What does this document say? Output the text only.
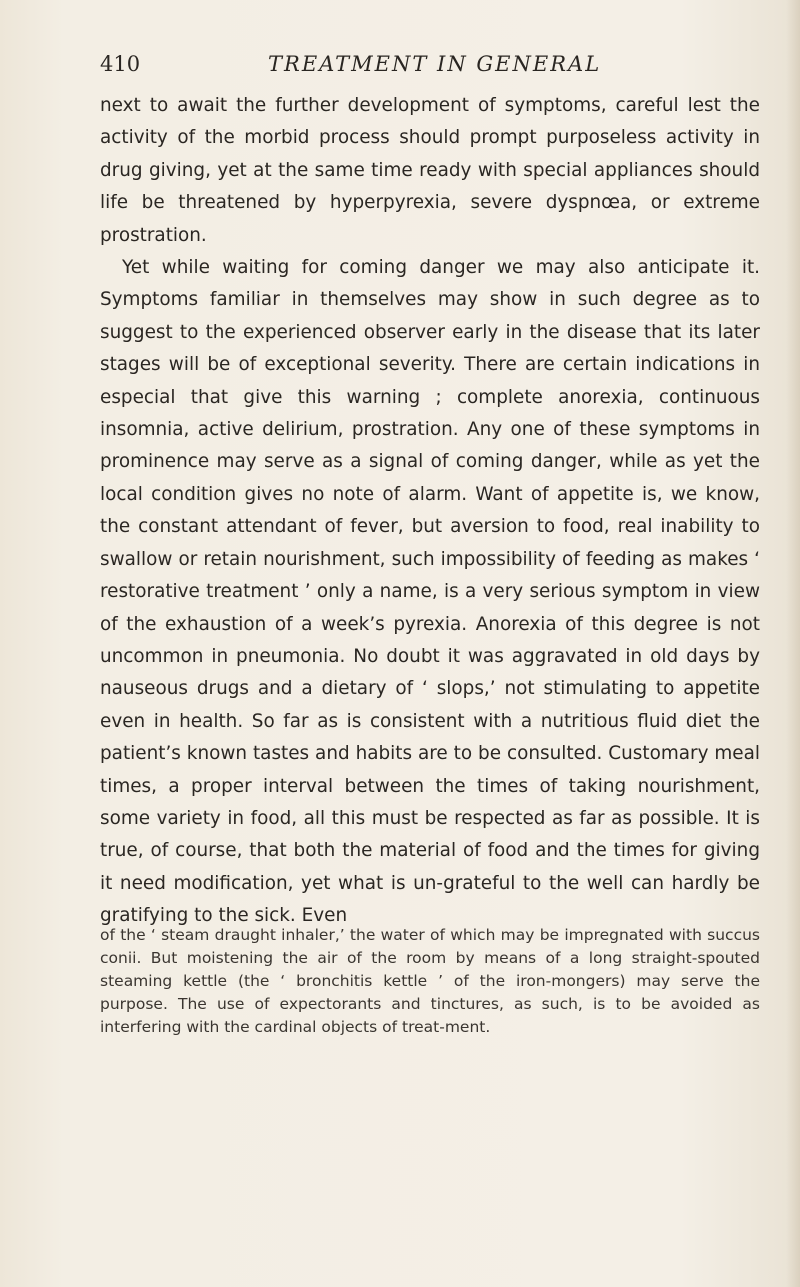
410	TREATMENT IN GENERAL

next to await the further development of symptoms, careful lest the activity of the morbid process should prompt purposeless activity in drug giving, yet at the same time ready with special appliances should life be threatened by hyperpyrexia, severe dyspnœa, or extreme prostration.

Yet while waiting for coming danger we may also anticipate it. Symptoms familiar in themselves may show in such degree as to suggest to the experienced observer early in the disease that its later stages will be of exceptional severity. There are certain indications in especial that give this warning ; complete anorexia, continuous insomnia, active delirium, prostration. Any one of these symptoms in prominence may serve as a signal of coming danger, while as yet the local condition gives no note of alarm. Want of appetite is, we know, the constant attendant of fever, but aversion to food, real inability to swallow or retain nourishment, such impossibility of feeding as makes ‘ restorative treatment ’ only a name, is a very serious symptom in view of the exhaustion of a week’s pyrexia. Anorexia of this degree is not uncommon in pneumonia. No doubt it was aggravated in old days by nauseous drugs and a dietary of ‘ slops,’ not stimulating to appetite even in health. So far as is consistent with a nutritious fluid diet the patient’s known tastes and habits are to be consulted. Customary meal times, a proper interval between the times of taking nourishment, some variety in food, all this must be respected as far as possible. It is true, of course, that both the material of food and the times for giving it need modification, yet what is un-grateful to the well can hardly be gratifying to the sick. Even

of the ‘ steam draught inhaler,’ the water of which may be impregnated with succus conii. But moistening the air of the room by means of a long straight-spouted steaming kettle (the ‘ bronchitis kettle ’ of the iron-mongers) may serve the purpose. The use of expectorants and tinctures, as such, is to be avoided as interfering with the cardinal objects of treat-ment.
